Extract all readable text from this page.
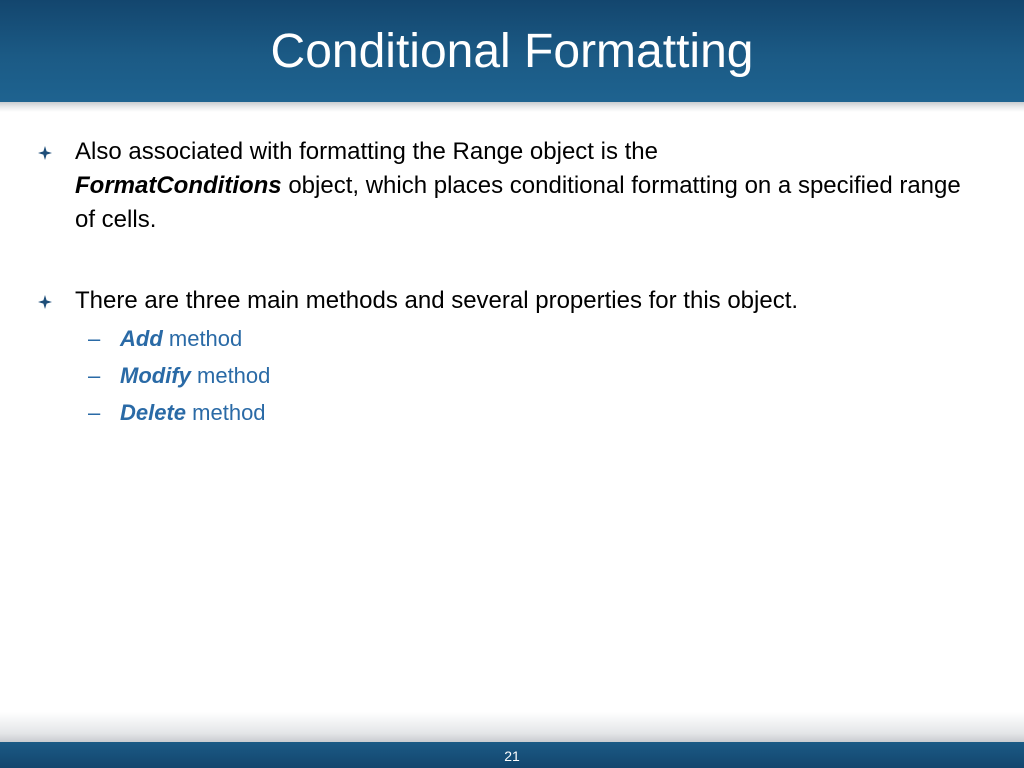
Conditional Formatting
Also associated with formatting the Range object is the
FormatConditions object, which places conditional formatting on a specified range of cells.
There are three main methods and several properties for this object.
– Add method
– Modify method
– Delete method
21
